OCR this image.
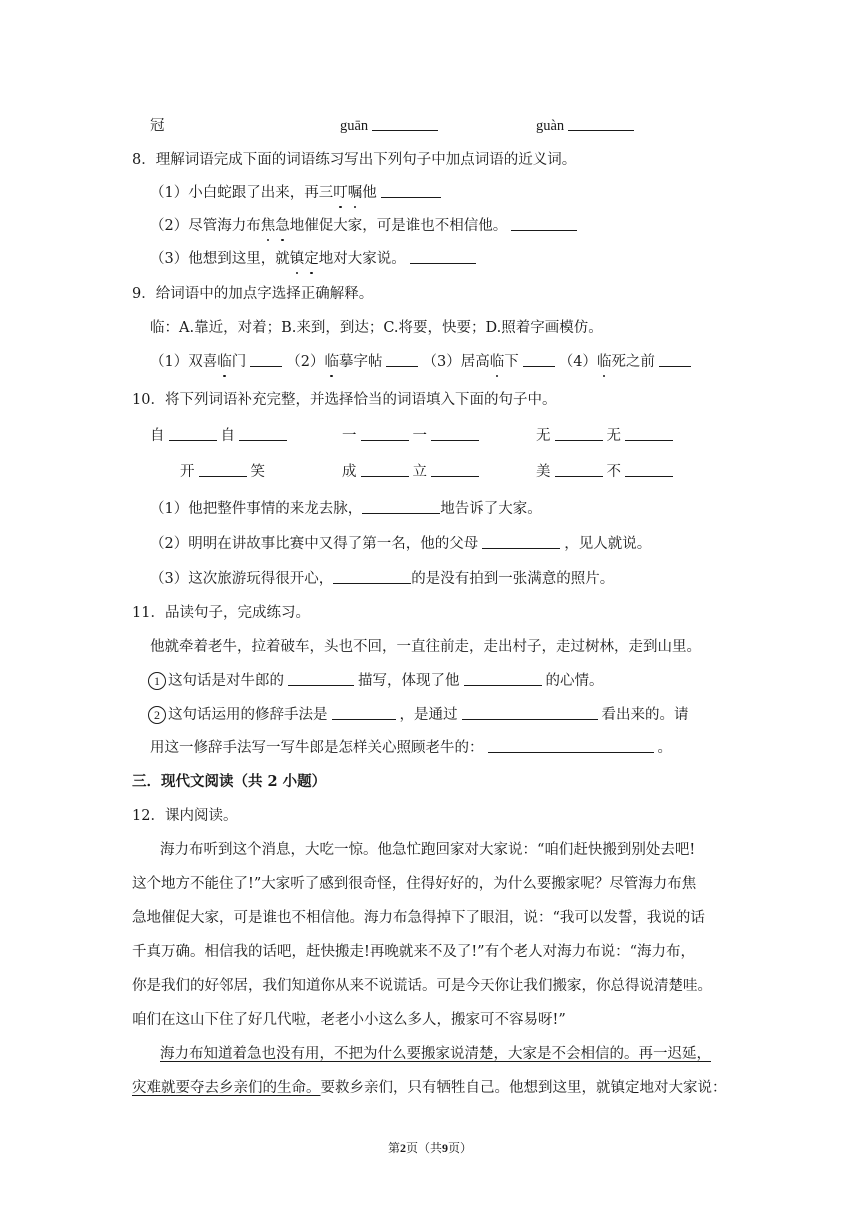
冠	guān	guàn
8．理解词语完成下面的词语练习写出下列句子中加点词语的近义词。
（1）小白蛇跟了出来，再三叮嘱他
（2）尽管海力布焦急地催促大家，可是谁也不相信他。
（3）他想到这里，就镇定地对大家说。
9．给词语中的加点字选择正确解释。
临：A.靠近，对着；B.来到，到达；C.将要，快要；D.照着字画模仿。
（1）双喜临门	（2）临摹字帖	（3）居高临下	（4）临死之前
10．将下列词语补充完整，并选择恰当的词语填入下面的句子中。
自	自	一	一	无	无
开	笑	成	立	美	不
（1）他把整件事情的来龙去脉，	地告诉了大家。
（2）明明在讲故事比赛中又得了第一名，他的父母	，见人就说。
（3）这次旅游玩得很开心，	的是没有拍到一张满意的照片。
11．品读句子，完成练习。
他就牵着老牛，拉着破车，头也不回，一直往前走，走出村子，走过树林，走到山里。
1 这句话是对牛郎的	描写，体现了他	的心情。
2 这句话运用的修辞手法是	，是通过	看出来的。请
用这一修辞手法写一写牛郎是怎样关心照顾老牛的：	。
三．现代文阅读（共 2 小题）
12．课内阅读。
海力布听到这个消息，大吃一惊。他急忙跑回家对大家说：“咱们赶快搬到别处去吧!
这个地方不能住了!”大家听了感到很奇怪，住得好好的，为什么要搬家呢？尽管海力布焦
急地催促大家，可是谁也不相信他。海力布急得掉下了眼泪，说：“我可以发誓，我说的话
千真万确。相信我的话吧，赶快搬走!再晚就来不及了!”有个老人对海力布说：“海力布，
你是我们的好邻居，我们知道你从来不说谎话。可是今天你让我们搬家，你总得说清楚哇。
咱们在这山下住了好几代啦，老老小小这么多人，搬家可不容易呀!”
海力布知道着急也没有用，不把为什么要搬家说清楚，大家是不会相信的。再一迟延，
灾难就要夺去乡亲们的生命。要救乡亲们，只有牺牲自己。他想到这里，就镇定地对大家说：
第2页（共9页）
